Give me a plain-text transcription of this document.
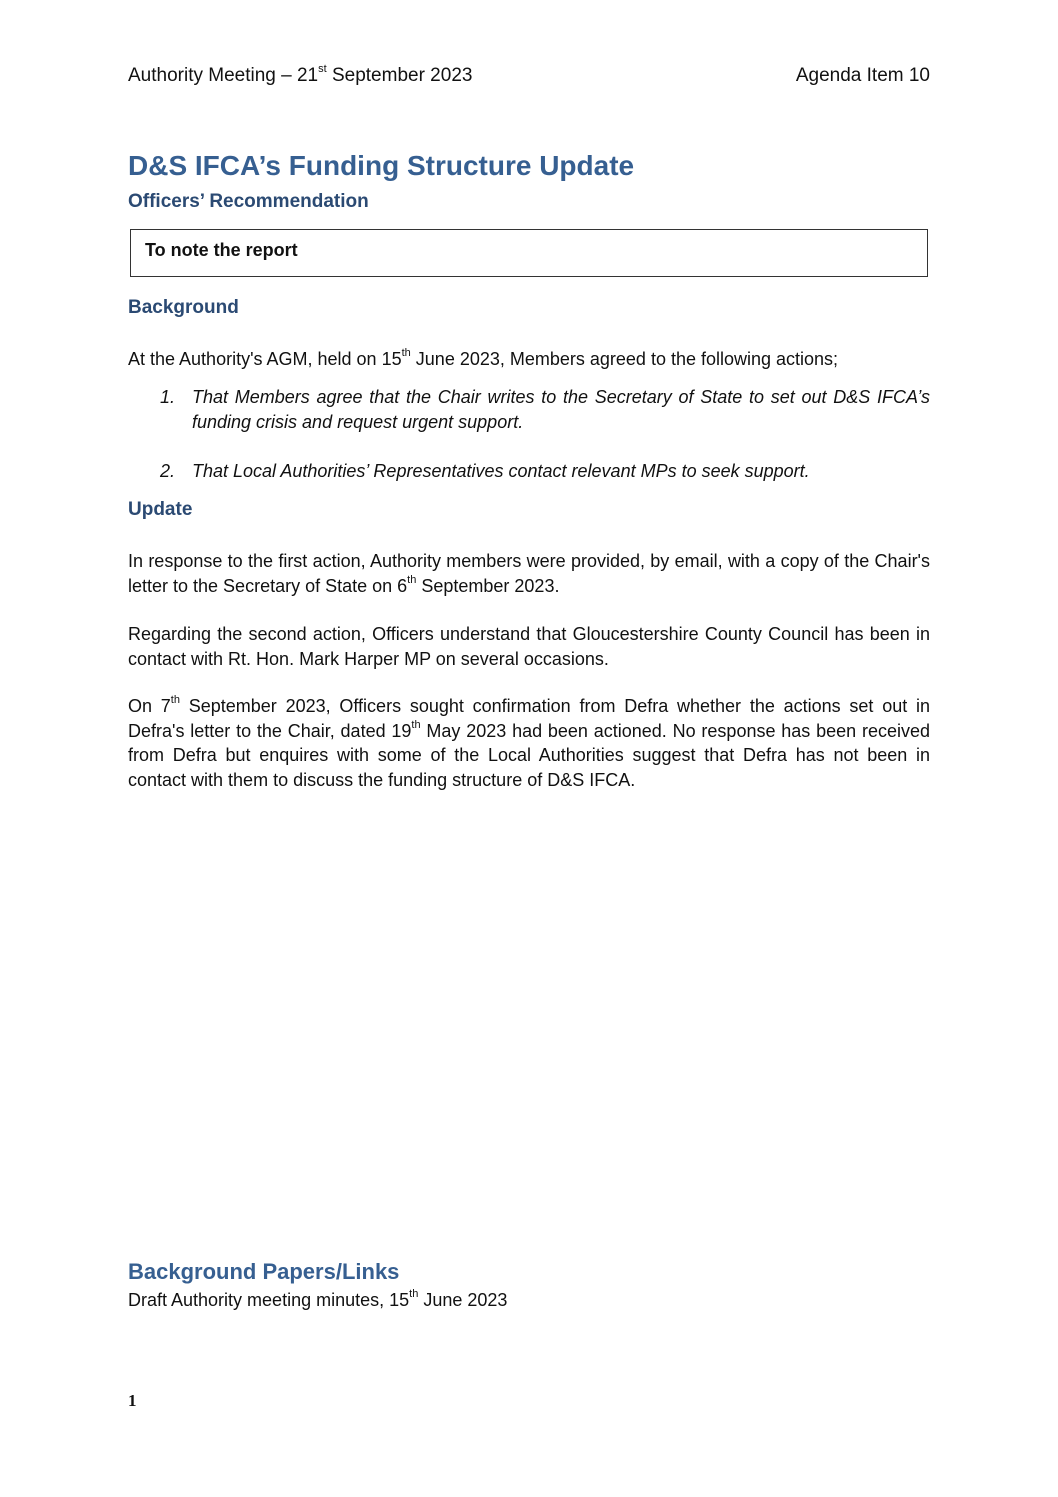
Authority Meeting – 21st September 2023	Agenda Item 10
D&S IFCA’s Funding Structure Update
Officers’ Recommendation
To note the report
Background

At the Authority's AGM, held on 15th June 2023, Members agreed to the following actions;

1. That Members agree that the Chair writes to the Secretary of State to set out D&S IFCA’s funding crisis and request urgent support.
2. That Local Authorities’ Representatives contact relevant MPs to seek support.
Update

In response to the first action, Authority members were provided, by email, with a copy of the Chair's letter to the Secretary of State on 6th September 2023.

Regarding the second action, Officers understand that Gloucestershire County Council has been in contact with Rt. Hon. Mark Harper MP on several occasions.

On 7th September 2023, Officers sought confirmation from Defra whether the actions set out in Defra's letter to the Chair, dated 19th May 2023 had been actioned. No response has been received from Defra but enquires with some of the Local Authorities suggest that Defra has not been in contact with them to discuss the funding structure of D&S IFCA.

Background Papers/Links

Draft Authority meeting minutes, 15th June 2023

1
